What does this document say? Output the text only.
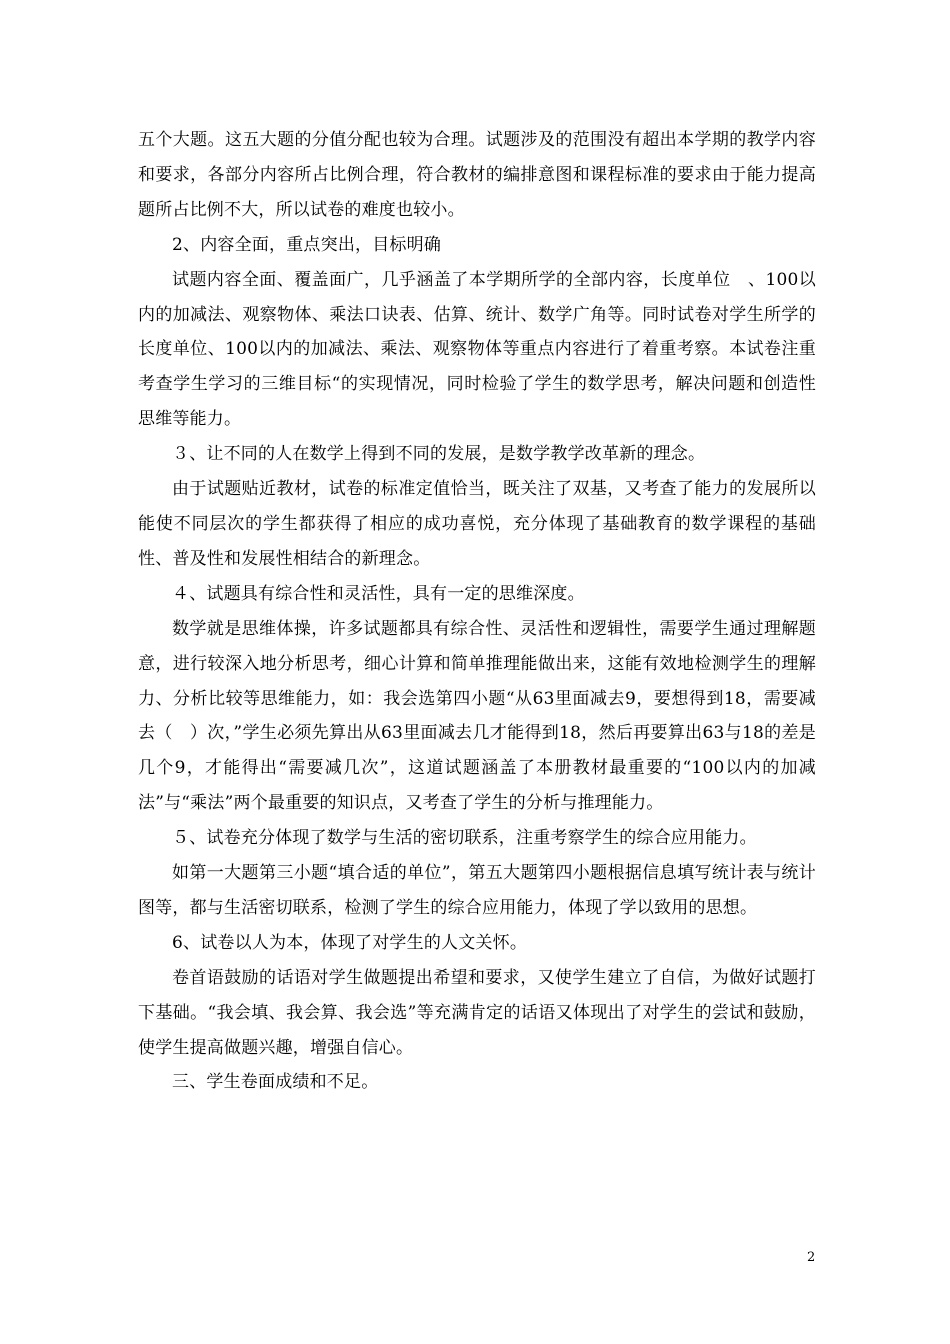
五个大题。这五大题的分值分配也较为合理。试题涉及的范围没有超出本学期的教学内容和要求，各部分内容所占比例合理，符合教材的编排意图和课程标准的要求由于能力提高题所占比例不大，所以试卷的难度也较小。

2、内容全面，重点突出，目标明确

试题内容全面、覆盖面广，几乎涵盖了本学期所学的全部内容，长度单位　、100以内的加减法、观察物体、乘法口诀表、估算、统计、数学广角等。同时试卷对学生所学的长度单位、100以内的加减法、乘法、观察物体等重点内容进行了着重考察。本试卷注重考查学生学习的三维目标“的实现情况，同时检验了学生的数学思考，解决问题和创造性思维等能力。

３、让不同的人在数学上得到不同的发展，是数学教学改革新的理念。

由于试题贴近教材，试卷的标准定值恰当，既关注了双基，又考查了能力的发展所以能使不同层次的学生都获得了相应的成功喜悦，充分体现了基础教育的数学课程的基础性、普及性和发展性相结合的新理念。

４、试题具有综合性和灵活性，具有一定的思维深度。

数学就是思维体操，许多试题都具有综合性、灵活性和逻辑性，需要学生通过理解题意，进行较深入地分析思考，细心计算和简单推理能做出来，这能有效地检测学生的理解力、分析比较等思维能力，如：我会选第四小题“从63里面减去9，要想得到18，需要减去（　）次，”学生必须先算出从63里面减去几才能得到18，然后再要算出63与18的差是几个9，才能得出“需要减几次”，这道试题涵盖了本册教材最重要的“100以内的加减法”与“乘法”两个最重要的知识点，又考查了学生的分析与推理能力。

５、试卷充分体现了数学与生活的密切联系，注重考察学生的综合应用能力。

如第一大题第三小题“填合适的单位”，第五大题第四小题根据信息填写统计表与统计图等，都与生活密切联系，检测了学生的综合应用能力，体现了学以致用的思想。

6、试卷以人为本，体现了对学生的人文关怀。

卷首语鼓励的话语对学生做题提出希望和要求，又使学生建立了自信，为做好试题打下基础。“我会填、我会算、我会选”等充满肯定的话语又体现出了对学生的尝试和鼓励，使学生提高做题兴趣，增强自信心。

三、学生卷面成绩和不足。

2
